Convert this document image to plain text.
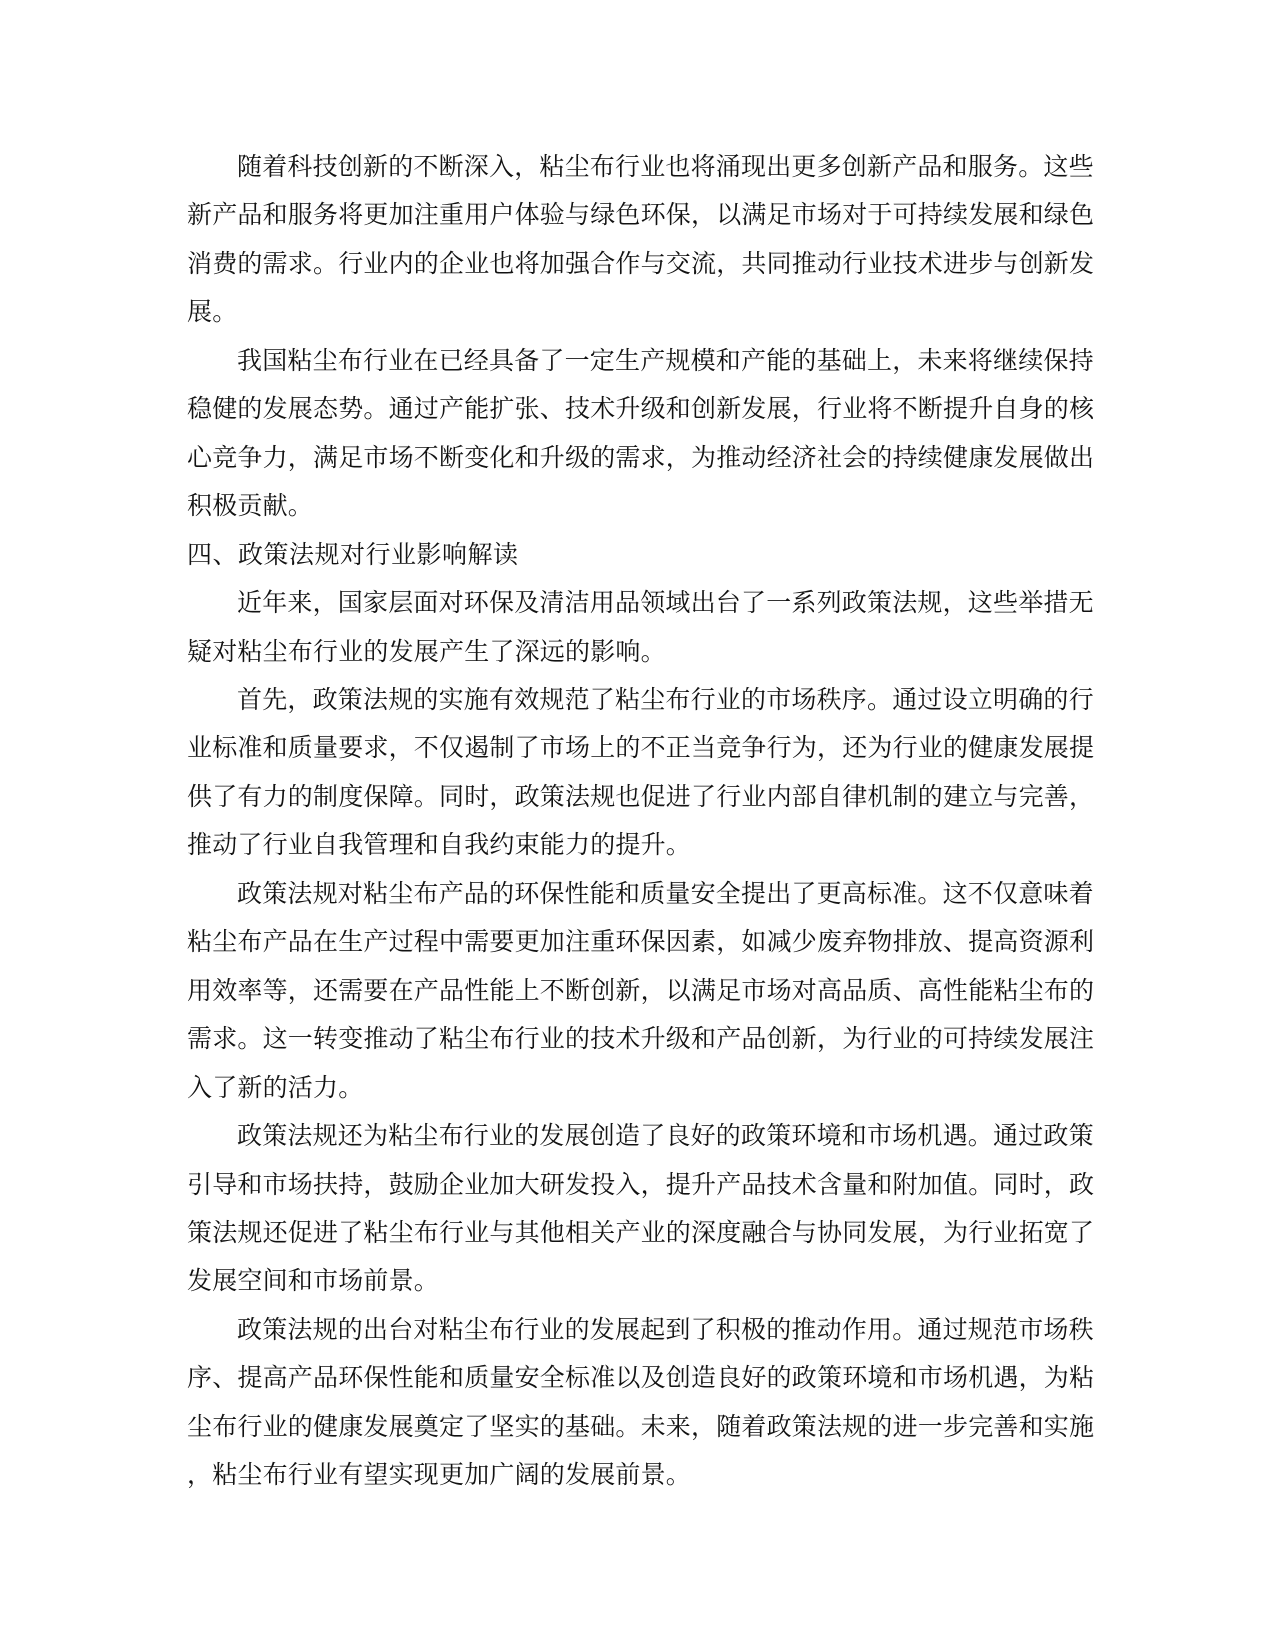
随着科技创新的不断深入，粘尘布行业也将涌现出更多创新产品和服务。这些
新产品和服务将更加注重用户体验与绿色环保，以满足市场对于可持续发展和绿色
消费的需求。行业内的企业也将加强合作与交流，共同推动行业技术进步与创新发
展。
我国粘尘布行业在已经具备了一定生产规模和产能的基础上，未来将继续保持
稳健的发展态势。通过产能扩张、技术升级和创新发展，行业将不断提升自身的核
心竞争力，满足市场不断变化和升级的需求，为推动经济社会的持续健康发展做出
积极贡献。
四、政策法规对行业影响解读
近年来，国家层面对环保及清洁用品领域出台了一系列政策法规，这些举措无
疑对粘尘布行业的发展产生了深远的影响。
首先，政策法规的实施有效规范了粘尘布行业的市场秩序。通过设立明确的行
业标准和质量要求，不仅遏制了市场上的不正当竞争行为，还为行业的健康发展提
供了有力的制度保障。同时，政策法规也促进了行业内部自律机制的建立与完善，
推动了行业自我管理和自我约束能力的提升。
政策法规对粘尘布产品的环保性能和质量安全提出了更高标准。这不仅意味着
粘尘布产品在生产过程中需要更加注重环保因素，如减少废弃物排放、提高资源利
用效率等，还需要在产品性能上不断创新，以满足市场对高品质、高性能粘尘布的
需求。这一转变推动了粘尘布行业的技术升级和产品创新，为行业的可持续发展注
入了新的活力。
政策法规还为粘尘布行业的发展创造了良好的政策环境和市场机遇。通过政策
引导和市场扶持，鼓励企业加大研发投入，提升产品技术含量和附加值。同时，政
策法规还促进了粘尘布行业与其他相关产业的深度融合与协同发展，为行业拓宽了
发展空间和市场前景。
政策法规的出台对粘尘布行业的发展起到了积极的推动作用。通过规范市场秩
序、提高产品环保性能和质量安全标准以及创造良好的政策环境和市场机遇，为粘
尘布行业的健康发展奠定了坚实的基础。未来，随着政策法规的进一步完善和实施
，粘尘布行业有望实现更加广阔的发展前景。
